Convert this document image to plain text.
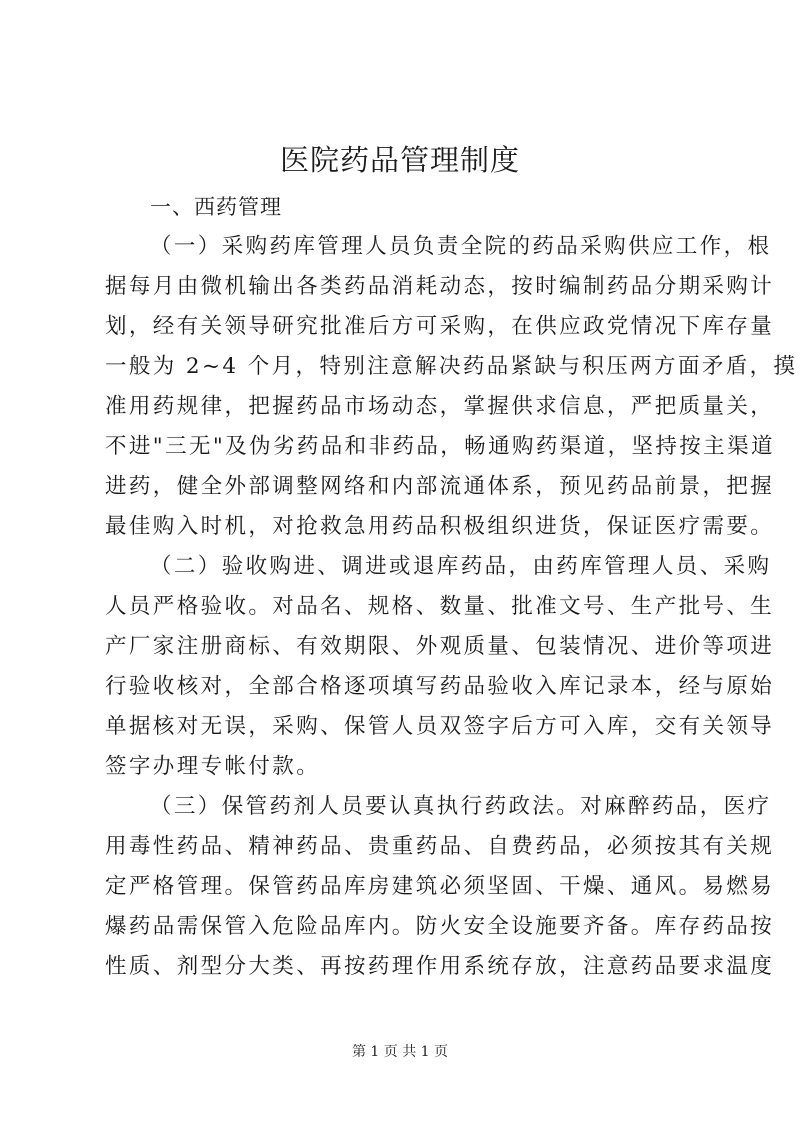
医院药品管理制度
一、西药管理
（一）采购药库管理人员负责全院的药品采购供应工作，根
据每月由微机输出各类药品消耗动态，按时编制药品分期采购计
划，经有关领导研究批准后方可采购，在供应政党情况下库存量
一般为 2~4 个月，特别注意解决药品紧缺与积压两方面矛盾，摸
准用药规律，把握药品市场动态，掌握供求信息，严把质量关，
不进"三无"及伪劣药品和非药品，畅通购药渠道，坚持按主渠道
进药，健全外部调整网络和内部流通体系，预见药品前景，把握
最佳购入时机，对抢救急用药品积极组织进货，保证医疗需要。
（二）验收购进、调进或退库药品，由药库管理人员、采购
人员严格验收。对品名、规格、数量、批准文号、生产批号、生
产厂家注册商标、有效期限、外观质量、包装情况、进价等项进
行验收核对，全部合格逐项填写药品验收入库记录本，经与原始
单据核对无误，采购、保管人员双签字后方可入库，交有关领导
签字办理专帐付款。
（三）保管药剂人员要认真执行药政法。对麻醉药品，医疗
用毒性药品、精神药品、贵重药品、自费药品，必须按其有关规
定严格管理。保管药品库房建筑必须坚固、干燥、通风。易燃易
爆药品需保管入危险品库内。防火安全设施要齐备。库存药品按
性质、剂型分大类、再按药理作用系统存放，注意药品要求温度
第 1 页 共 1 页
